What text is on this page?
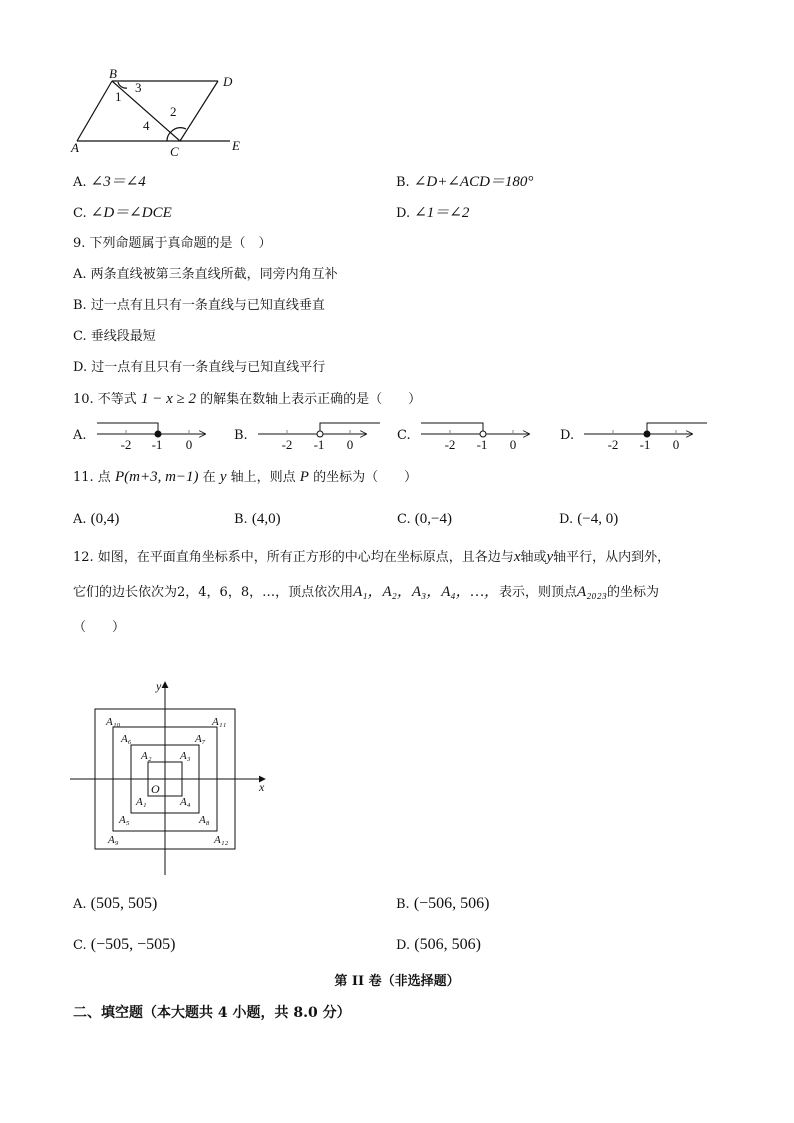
B
D
A	C	E
1
3
2
4
A. ∠3＝∠4	B. ∠D+∠ACD＝180°
C. ∠D＝∠DCE	D. ∠1＝∠2
9. 下列命题属于真命题的是（　）
A. 两条直线被第三条直线所截，同旁内角互补
B. 过一点有且只有一条直线与已知直线垂直
C. 垂线段最短
D. 过一点有且只有一条直线与已知直线平行
10. 不等式 1 − x ≥ 2 的解集在数轴上表示正确的是（　　）
A.	B.	C.	D.
-2 -1 0	-2 -1 0	-2 -1 0	-2 -1 0
11. 点 P(m+3, m−1) 在 y 轴上，则点 P 的坐标为（　　）
A. (0,4)	B. (4,0)	C. (0,−4)	D. (−4, 0)
12. 如图，在平面直角坐标系中，所有正方形的中心均在坐标原点，且各边与x轴或y轴平行，从内到外，
它们的边长依次为2，4，6，8，…，顶点依次用A₁，A₂，A₃，A₄，…，表示，则顶点A₂₀₂₃的坐标为
（　　）
y
x
O
A₁
A₂	A₃
A₄
A₅
A₆	A₇
A₈
A₉
A₁₀	A₁₁
A₁₂
A. (505, 505)	B. (−506, 506)
C. (−505, −505)	D. (506, 506)
第 II 卷（非选择题）
二、填空题（本大题共 4 小题，共 8.0 分）
